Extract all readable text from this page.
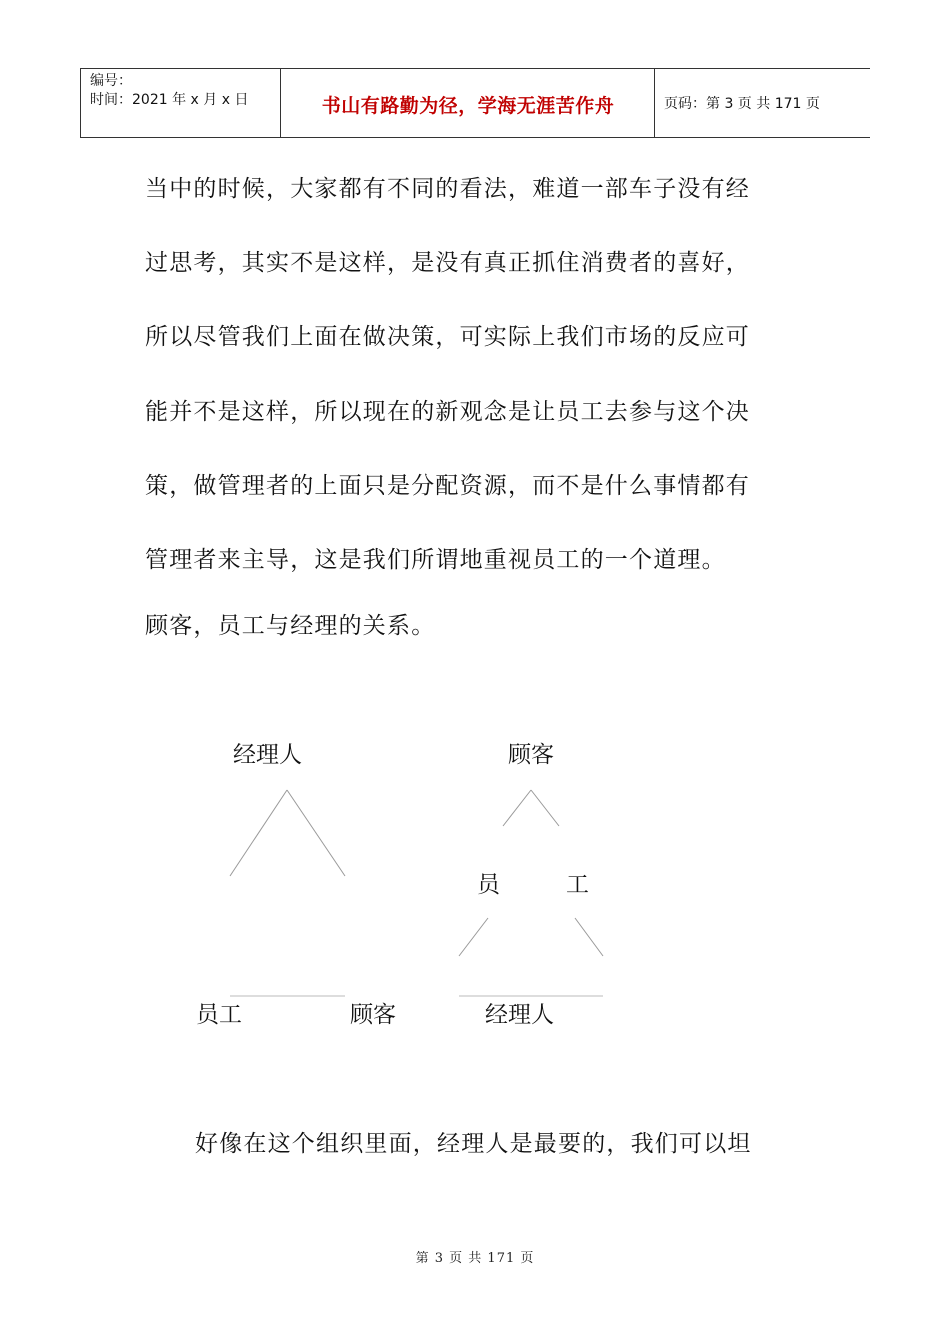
编号：
时间：2021 年 x 月 x 日	书山有路勤为径，学海无涯苦作舟	页码：第 3 页 共 171 页
当中的时候，大家都有不同的看法，难道一部车子没有经
过思考，其实不是这样，是没有真正抓住消费者的喜好，
所以尽管我们上面在做决策，可实际上我们市场的反应可
能并不是这样，所以现在的新观念是让员工去参与这个决
策，做管理者的上面只是分配资源，而不是什么事情都有
管理者来主导，这是我们所谓地重视员工的一个道理。
顾客，员工与经理的关系。
经理人
员工	顾客
顾客
员	工
经理人
好像在这个组织里面，经理人是最要的，我们可以坦
第 3 页 共 171 页
